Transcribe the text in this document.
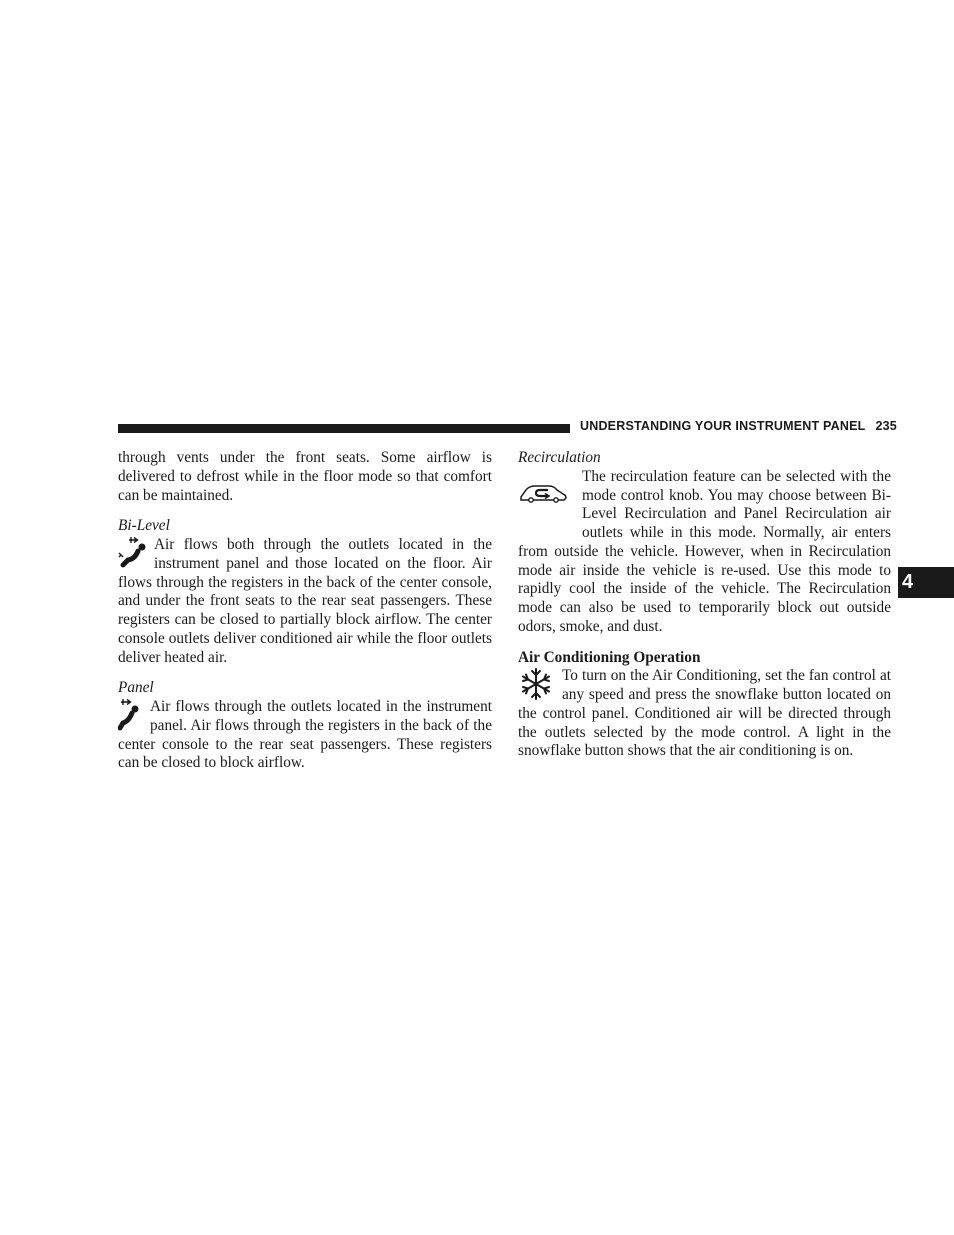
UNDERSTANDING YOUR INSTRUMENT PANEL 235
4

through vents under the front seats. Some airflow is delivered to defrost while in the floor mode so that comfort can be maintained.

Bi-Level

Air flows both through the outlets located in the instrument panel and those located on the floor. Air flows through the registers in the back of the center console, and under the front seats to the rear seat passengers. These registers can be closed to partially block airflow. The center console outlets deliver conditioned air while the floor outlets deliver heated air.

Panel

Air flows through the outlets located in the instrument panel. Air flows through the registers in the back of the center console to the rear seat passengers. These registers can be closed to block airflow.

Recirculation

The recirculation feature can be selected with the mode control knob. You may choose between Bi-Level Recirculation and Panel Recirculation air outlets while in this mode. Normally, air enters from outside the vehicle. However, when in Recirculation mode air inside the vehicle is re-used. Use this mode to rapidly cool the inside of the vehicle. The Recirculation mode can also be used to temporarily block out outside odors, smoke, and dust.

Air Conditioning Operation

To turn on the Air Conditioning, set the fan control at any speed and press the snowflake button located on the control panel. Conditioned air will be directed through the outlets selected by the mode control. A light in the snowflake button shows that the air conditioning is on.
